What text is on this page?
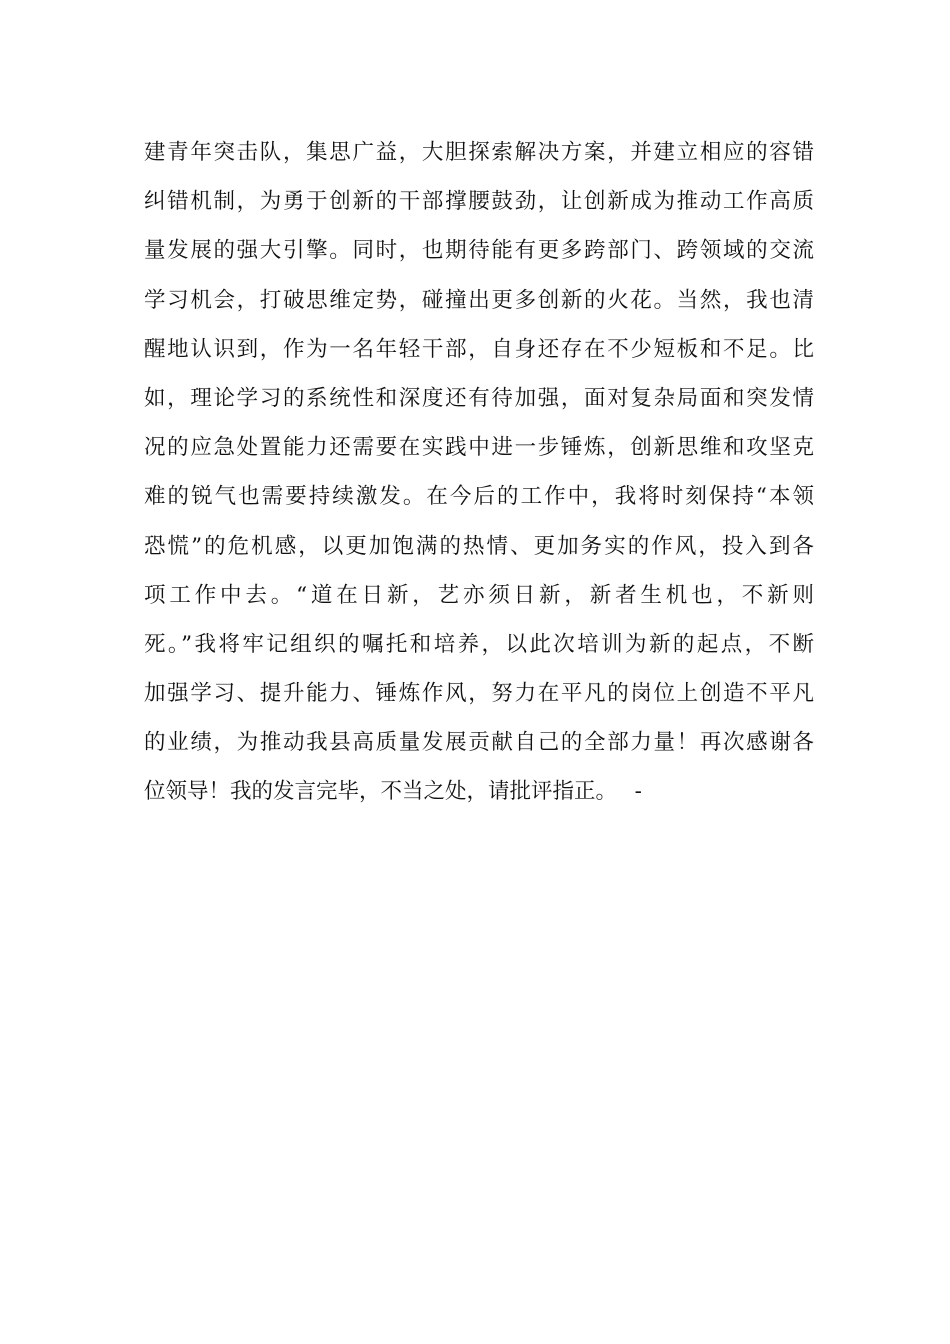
建青年突击队，集思广益，大胆探索解决方案，并建立相应的容错
纠错机制，为勇于创新的干部撑腰鼓劲，让创新成为推动工作高质
量发展的强大引擎。同时，也期待能有更多跨部门、跨领域的交流
学习机会，打破思维定势，碰撞出更多创新的火花。当然，我也清
醒地认识到，作为一名年轻干部，自身还存在不少短板和不足。比
如，理论学习的系统性和深度还有待加强，面对复杂局面和突发情
况的应急处置能力还需要在实践中进一步锤炼，创新思维和攻坚克
难的锐气也需要持续激发。在今后的工作中，我将时刻保持“本领
恐慌”的危机感，以更加饱满的热情、更加务实的作风，投入到各
项工作中去。“道在日新，艺亦须日新，新者生机也，不新则
死。”我将牢记组织的嘱托和培养，以此次培训为新的起点，不断
加强学习、提升能力、锤炼作风，努力在平凡的岗位上创造不平凡
的业绩，为推动我县高质量发展贡献自己的全部力量！再次感谢各
位领导！我的发言完毕，不当之处，请批评指正。　 -
